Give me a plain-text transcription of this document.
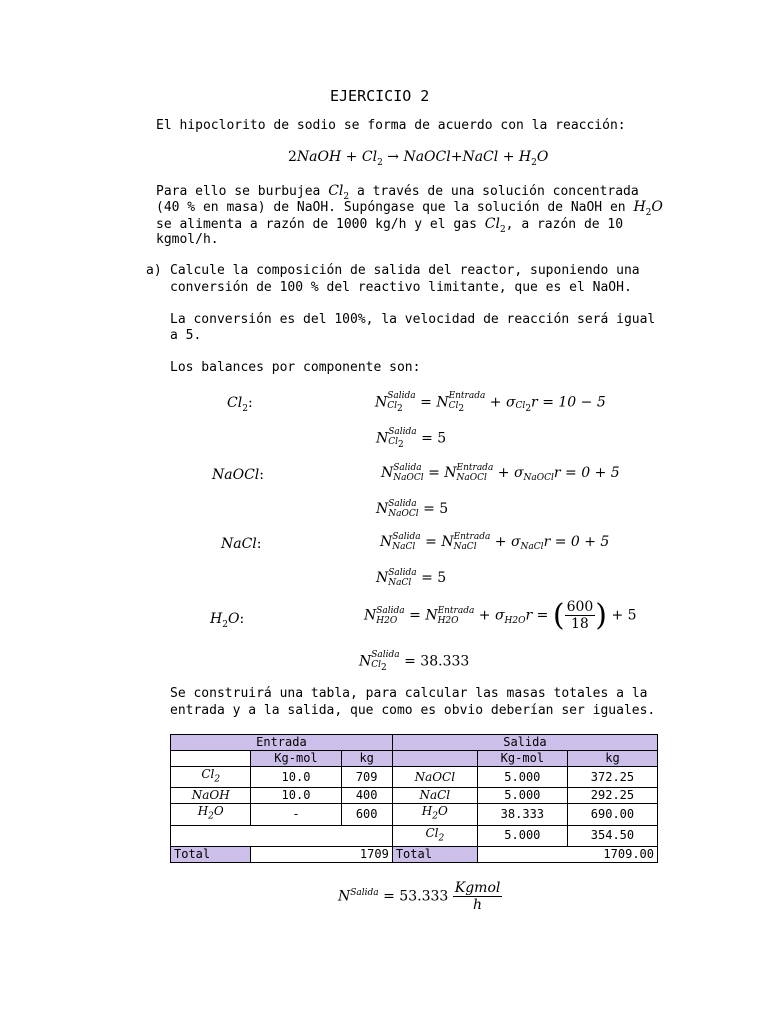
EJERCICIO 2
El hipoclorito de sodio se forma de acuerdo con la reacción:
2NaOH + $Cl_2$ → NaOCl+NaCl + $H_2O$
Para ello se burbujea $Cl_2$ a través de una solución concentrada
(40 % en masa) de NaOH. Supóngase que la solución de NaOH en $H_2O$
se alimenta a razón de 1000 kg/h y el gas $Cl_2$, a razón de 10
kgmol/h.
a) Calcule la composición de salida del reactor, suponiendo una
conversión de 100 % del reactivo limitante, que es el NaOH.
La conversión es del 100%, la velocidad de reacción será igual
a 5.
Los balances por componente son:
$Cl_2$:	N Salida
$Cl_2 = N$ Entrada
$Cl_2$	+ σ
$Cl_2$ r = 10 − 5
N Salida
$Cl_2$	= 5
NaOCl:	N Salida
NaOCl = N Entrada
NaOCl + σ
NaOCl r = 0 + 5
N Salida
NaOCl = 5
NaCl:	N Salida
NaCl = N Entrada
NaCl + σ
NaCl r = 0 + 5
N Salida
NaCl = 5
$H_2O$:	N Salida
H2O = N Entrada
H2O	+ σ
H2O r = ( $\frac{600}{18}$ ) + 5
N Salida
$Cl_2$	= 38.333
Se construirá una tabla, para calcular las masas totales a la
entrada y a la salida, que como es obvio deberían ser iguales.
Entrada			Salida		
	Kg-mol	kg		Kg-mol	kg
$Cl_2$	10.0	709	NaOCl	5.000	372.25
NaOH	10.0	400	NaCl	5.000	292.25
$H_2O$	-	600	$H_2O$	38.333	690.00
			$Cl_2$	5.000	354.50
Total	1709		Total	1709.00	
$N^{Salida} = 53.333 \frac{\text{Kgmol}}{h}$
